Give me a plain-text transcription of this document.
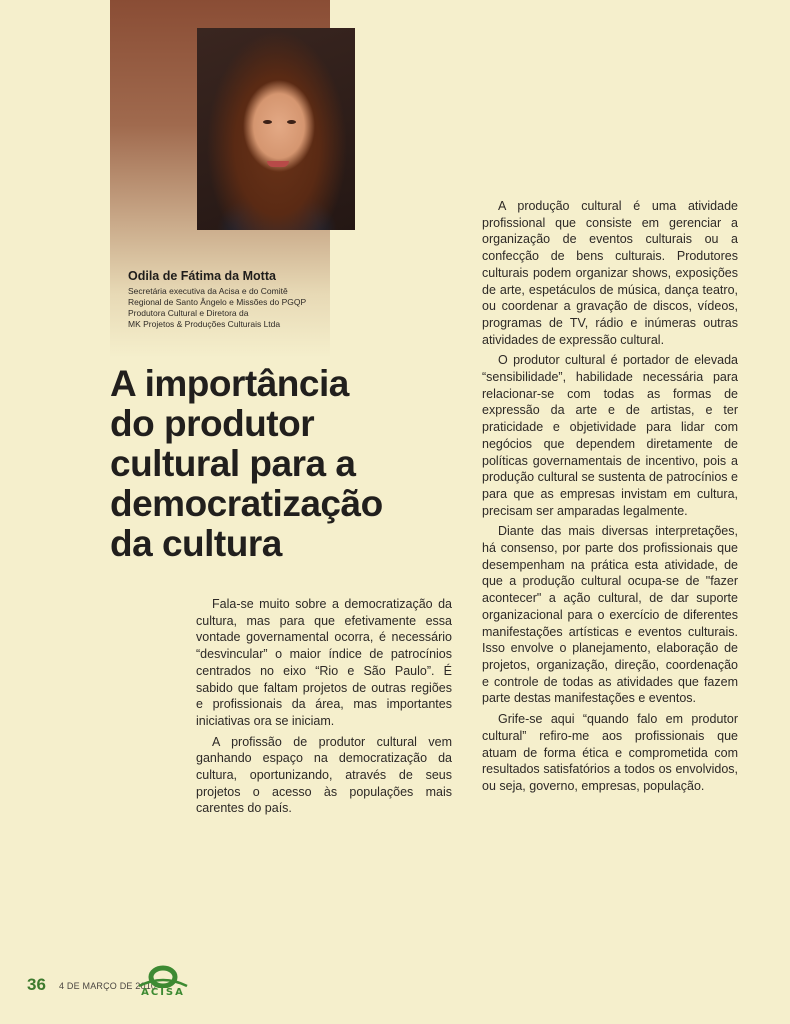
Odila de Fátima da Motta
Secretária executiva da Acisa e do Comitê
Regional de Santo Ângelo e Missões do PGQP
Produtora Cultural e Diretora da
MK Projetos & Produções Culturais Ltda
A importância
do produtor
cultural para a
democratização
da cultura

Fala-se muito sobre a democratização da cultura, mas para que efetivamente essa vontade governamental ocorra, é necessário “desvincular” o maior índice de patrocínios centrados no eixo “Rio e São Paulo”. É sabido que faltam projetos de outras regiões e profissionais da área, mas importantes iniciativas ora se iniciam.

A profissão de produtor cultural vem ganhando espaço na democratização da cultura, oportunizando, através de seus projetos o acesso às populações mais carentes do país.

A produção cultural é uma atividade profissional que consiste em gerenciar a organização de eventos culturais ou a confecção de bens culturais. Produtores culturais podem organizar shows, exposições de arte, espetáculos de música, dança teatro, ou coordenar a gravação de discos, vídeos, programas de TV, rádio e inúmeras outras atividades de expressão cultural.

O produtor cultural é portador de elevada “sensibilidade”, habilidade necessária para relacionar-se com todas as formas de expressão da arte e de artistas, e ter praticidade e objetividade para lidar com negócios que dependem diretamente de políticas governamentais de incentivo, pois a produção cultural se sustenta de patrocínios e para que as empresas invistam em cultura, precisam ser amparadas legalmente.

Diante das mais diversas interpretações, há consenso, por parte dos profissionais que desempenham na prática esta atividade, de que a produção cultural ocupa-se de "fazer acontecer" a ação cultural, de dar suporte organizacional para o exercício de diferentes manifestações artísticas e eventos culturais. Isso envolve o planejamento, elaboração de projetos, organização, direção, coordenação e controle de todas as atividades que fazem parte destas manifestações e eventos.

Grife-se aqui “quando falo em produtor cultural” refiro-me aos profissionais que atuam de forma ética e comprometida com resultados satisfatórios a todos os envolvidos, ou seja, governo, empresas, população.

36 4 DE MARÇO DE 2010
ACISA
